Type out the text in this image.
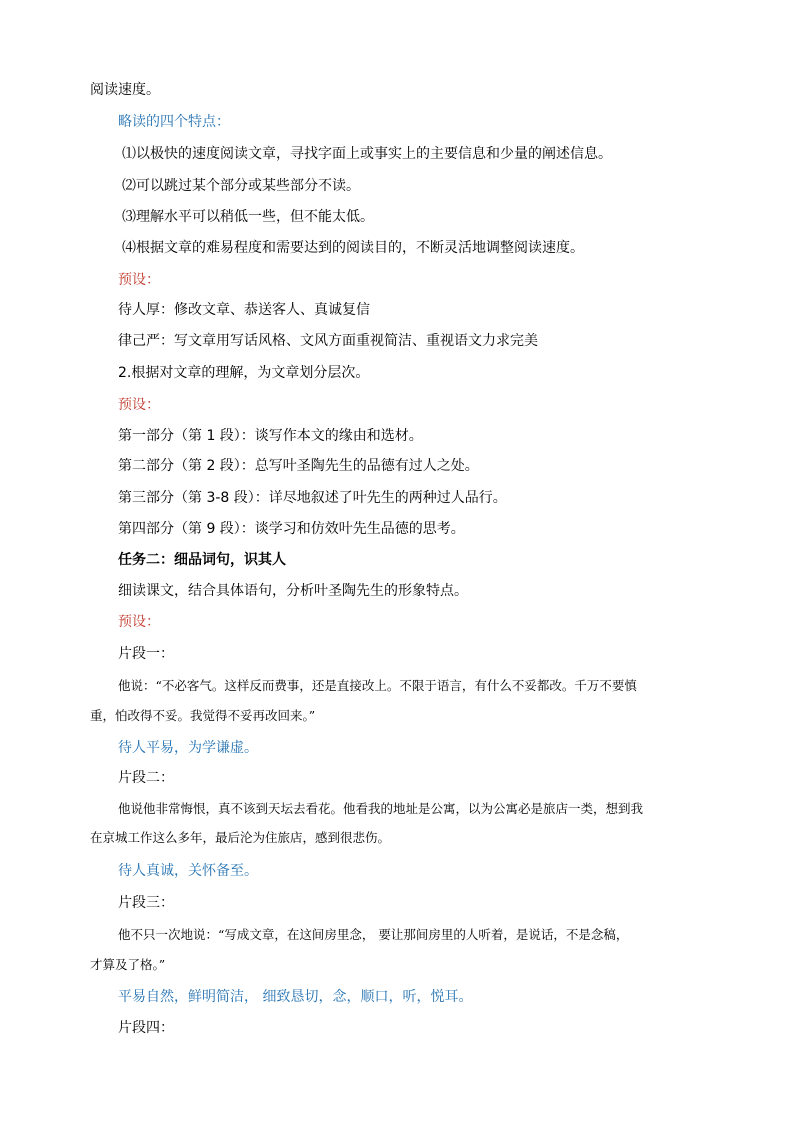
阅读速度。
略读的四个特点：
⑴以极快的速度阅读文章，寻找字面上或事实上的主要信息和少量的阐述信息。
⑵可以跳过某个部分或某些部分不读。
⑶理解水平可以稍低一些，但不能太低。
⑷根据文章的难易程度和需要达到的阅读目的，不断灵活地调整阅读速度。
预设：
待人厚：修改文章、恭送客人、真诚复信
律己严：写文章用写话风格、文风方面重视简洁、重视语文力求完美
2.根据对文章的理解，为文章划分层次。
预设：
第一部分（第 1 段）：谈写作本文的缘由和选材。
第二部分（第 2 段）：总写叶圣陶先生的品德有过人之处。
第三部分（第 3-8 段）：详尽地叙述了叶先生的两种过人品行。
第四部分（第 9 段）：谈学习和仿效叶先生品德的思考。
任务二：细品词句，识其人
细读课文，结合具体语句，分析叶圣陶先生的形象特点。
预设：
片段一：
他说：“不必客气。这样反而费事，还是直接改上。不限于语言，有什么不妥都改。千万不要慎
重，怕改得不妥。我觉得不妥再改回来。”
待人平易，为学谦虚。
片段二：
他说他非常悔恨，真不该到天坛去看花。他看我的地址是公寓，以为公寓必是旅店一类，想到我
在京城工作这么多年，最后沦为住旅店，感到很悲伤。
待人真诚，关怀备至。
片段三：
他不只一次地说：“写成文章，在这间房里念， 要让那间房里的人听着，是说话，不是念稿，
才算及了格。”
平易自然，鲜明简洁， 细致恳切，念，顺口，听，悦耳。
片段四：
